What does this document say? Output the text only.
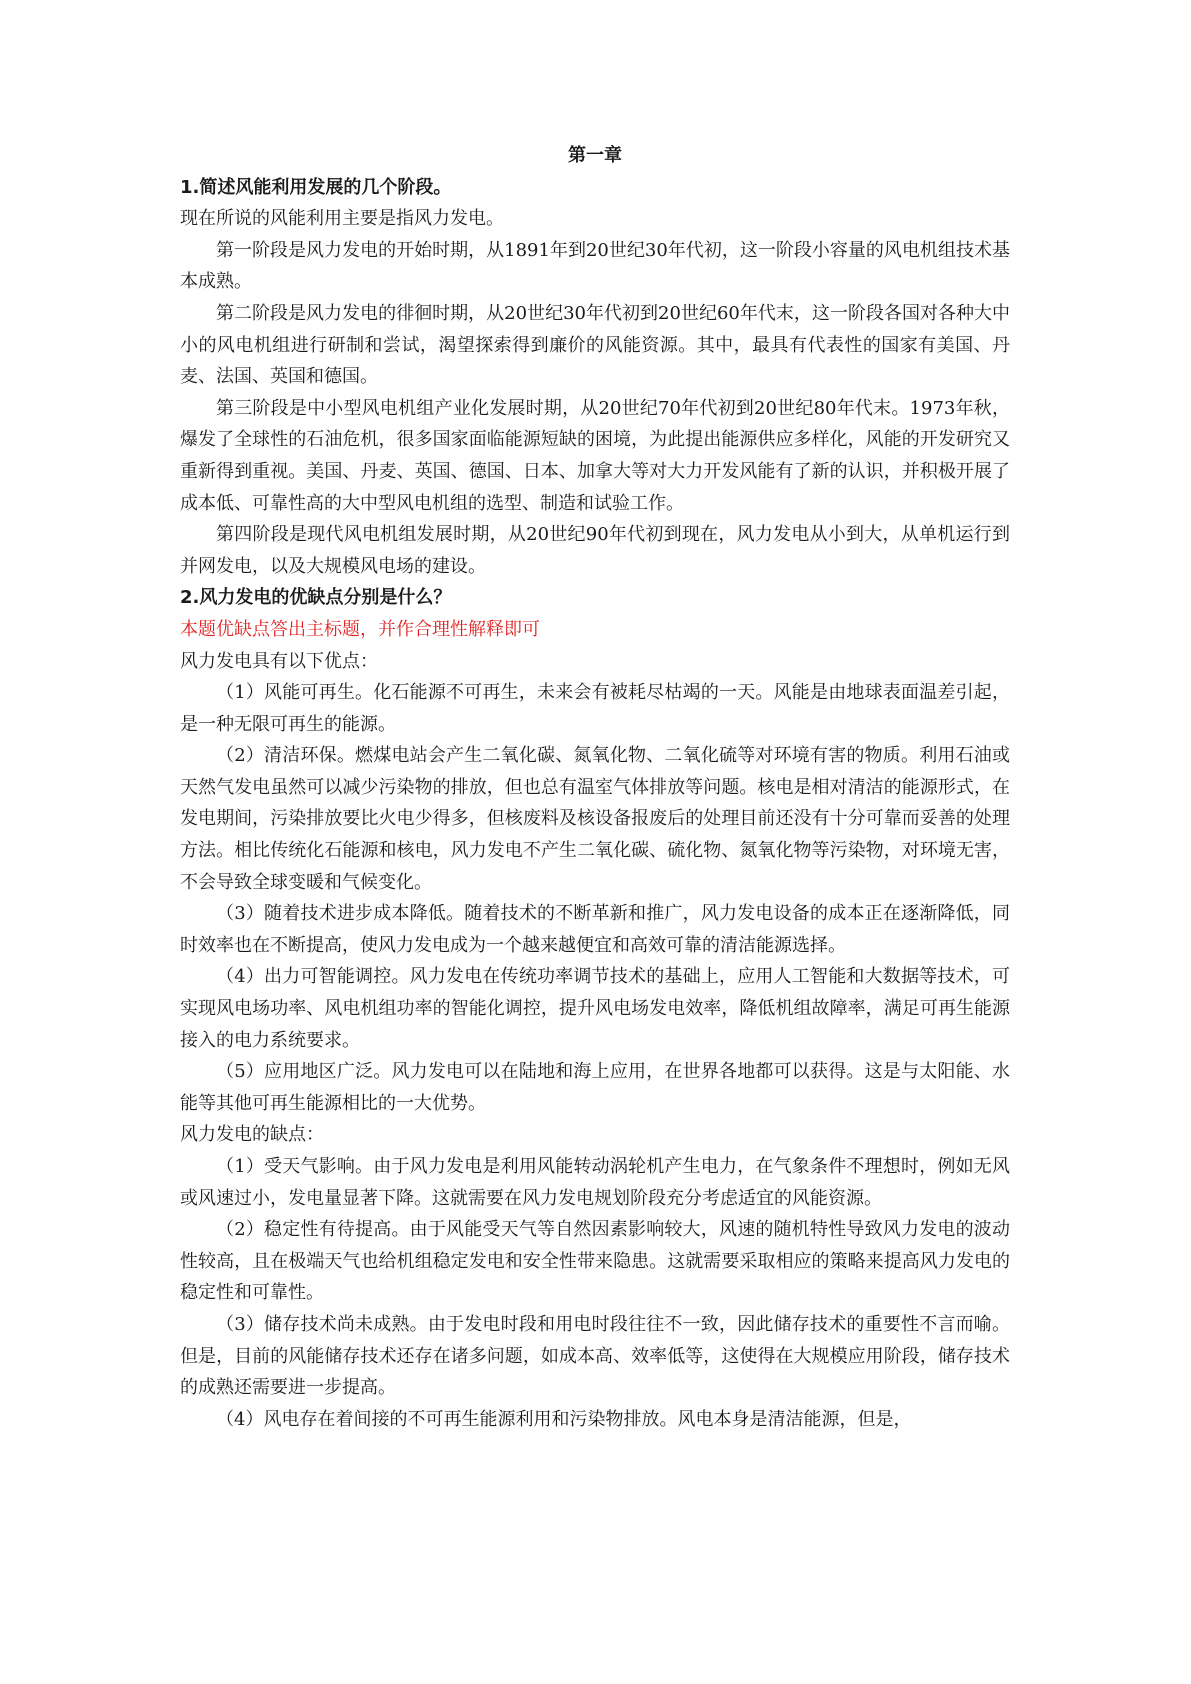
第一章

1.简述风能利用发展的几个阶段。

现在所说的风能利用主要是指风力发电。

第一阶段是风力发电的开始时期，从1891年到20世纪30年代初，这一阶段小容量的风电机组技术基本成熟。

第二阶段是风力发电的徘徊时期，从20世纪30年代初到20世纪60年代末，这一阶段各国对各种大中小的风电机组进行研制和尝试，渴望探索得到廉价的风能资源。其中，最具有代表性的国家有美国、丹麦、法国、英国和德国。

第三阶段是中小型风电机组产业化发展时期，从20世纪70年代初到20世纪80年代末。1973年秋，爆发了全球性的石油危机，很多国家面临能源短缺的困境，为此提出能源供应多样化，风能的开发研究又重新得到重视。美国、丹麦、英国、德国、日本、加拿大等对大力开发风能有了新的认识，并积极开展了成本低、可靠性高的大中型风电机组的选型、制造和试验工作。

第四阶段是现代风电机组发展时期，从20世纪90年代初到现在，风力发电从小到大，从单机运行到并网发电，以及大规模风电场的建设。

2.风力发电的优缺点分别是什么？

本题优缺点答出主标题，并作合理性解释即可

风力发电具有以下优点：

（1）风能可再生。化石能源不可再生，未来会有被耗尽枯竭的一天。风能是由地球表面温差引起，是一种无限可再生的能源。

（2）清洁环保。燃煤电站会产生二氧化碳、氮氧化物、二氧化硫等对环境有害的物质。利用石油或天然气发电虽然可以减少污染物的排放，但也总有温室气体排放等问题。核电是相对清洁的能源形式，在发电期间，污染排放要比火电少得多，但核废料及核设备报废后的处理目前还没有十分可靠而妥善的处理方法。相比传统化石能源和核电，风力发电不产生二氧化碳、硫化物、氮氧化物等污染物，对环境无害，不会导致全球变暖和气候变化。

（3）随着技术进步成本降低。随着技术的不断革新和推广，风力发电设备的成本正在逐渐降低，同时效率也在不断提高，使风力发电成为一个越来越便宜和高效可靠的清洁能源选择。

（4）出力可智能调控。风力发电在传统功率调节技术的基础上，应用人工智能和大数据等技术，可实现风电场功率、风电机组功率的智能化调控，提升风电场发电效率，降低机组故障率，满足可再生能源接入的电力系统要求。

（5）应用地区广泛。风力发电可以在陆地和海上应用，在世界各地都可以获得。这是与太阳能、水能等其他可再生能源相比的一大优势。

风力发电的缺点：

（1）受天气影响。由于风力发电是利用风能转动涡轮机产生电力，在气象条件不理想时，例如无风或风速过小，发电量显著下降。这就需要在风力发电规划阶段充分考虑适宜的风能资源。

（2）稳定性有待提高。由于风能受天气等自然因素影响较大，风速的随机特性导致风力发电的波动性较高，且在极端天气也给机组稳定发电和安全性带来隐患。这就需要采取相应的策略来提高风力发电的稳定性和可靠性。

（3）储存技术尚未成熟。由于发电时段和用电时段往往不一致，因此储存技术的重要性不言而喻。但是，目前的风能储存技术还存在诸多问题，如成本高、效率低等，这使得在大规模应用阶段，储存技术的成熟还需要进一步提高。

（4）风电存在着间接的不可再生能源利用和污染物排放。风电本身是清洁能源，但是，
